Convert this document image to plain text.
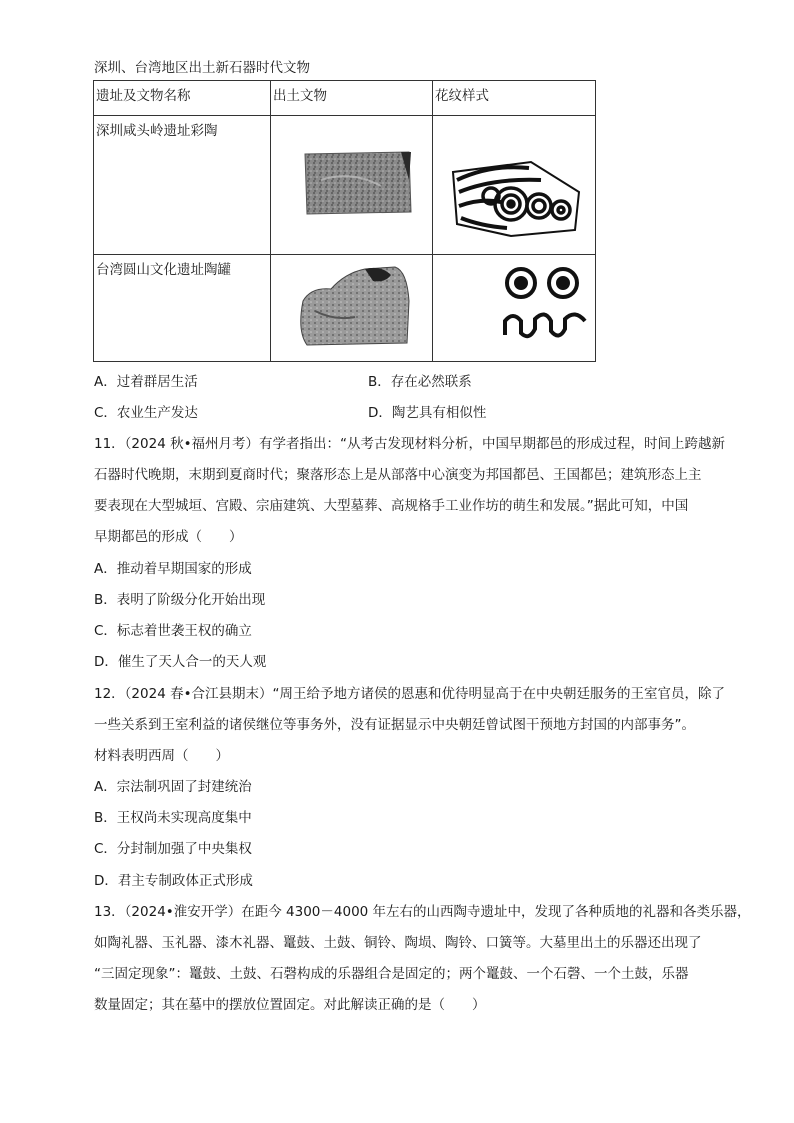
深圳、台湾地区出土新石器时代文物
遗址及文物名称	出土文物	花纹样式
深圳咸头岭遗址彩陶	

台湾圆山文化遗址陶罐	

A．过着群居生活	B．存在必然联系
C．农业生产发达	D．陶艺具有相似性
11．（2024 秋•福州月考）有学者指出：“从考古发现材料分析，中国早期都邑的形成过程，时间上跨越新
石器时代晚期，末期到夏商时代；聚落形态上是从部落中心演变为邦国都邑、王国都邑；建筑形态上主
要表现在大型城垣、宫殿、宗庙建筑、大型墓葬、高规格手工业作坊的萌生和发展。”据此可知，中国
早期都邑的形成（　　）
A．推动着早期国家的形成
B．表明了阶级分化开始出现
C．标志着世袭王权的确立
D．催生了天人合一的天人观
12．（2024 春•合江县期末）“周王给予地方诸侯的恩惠和优待明显高于在中央朝廷服务的王室官员，除了
一些关系到王室利益的诸侯继位等事务外，没有证据显示中央朝廷曾试图干预地方封国的内部事务”。
材料表明西周（　　）
A．宗法制巩固了封建统治
B．王权尚未实现高度集中
C．分封制加强了中央集权
D．君主专制政体正式形成
13．（2024•淮安开学）在距今 4300－4000 年左右的山西陶寺遗址中，发现了各种质地的礼器和各类乐器，
如陶礼器、玉礼器、漆木礼器、鼍鼓、土鼓、铜铃、陶埙、陶铃、口簧等。大墓里出土的乐器还出现了
“三固定现象”：鼍鼓、土鼓、石磬构成的乐器组合是固定的；两个鼍鼓、一个石磬、一个土鼓，乐器
数量固定；其在墓中的摆放位置固定。对此解读正确的是（　　）
